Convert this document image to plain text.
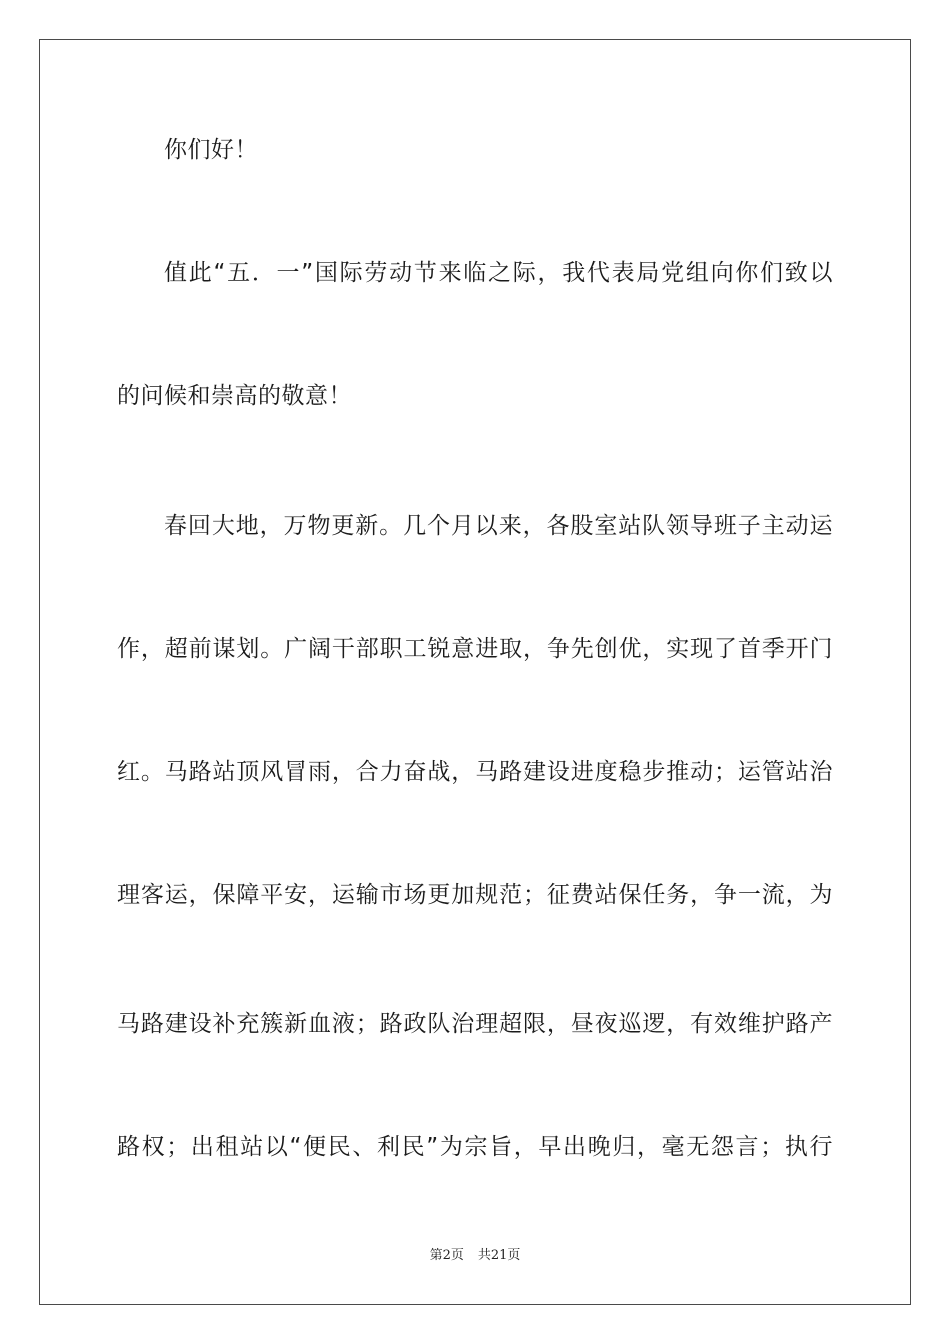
你们好！
值此“五．一”国际劳动节来临之际，我代表局党组向你们致以
的问候和崇高的敬意！
春回大地，万物更新。几个月以来，各股室站队领导班子主动运
作，超前谋划。广阔干部职工锐意进取，争先创优，实现了首季开门
红。马路站顶风冒雨，合力奋战，马路建设进度稳步推动；运管站治
理客运，保障平安，运输市场更加规范；征费站保任务，争一流，为
马路建设补充簇新血液；路政队治理超限，昼夜巡逻，有效维护路产
路权；出租站以“便民、利民”为宗旨，早出晚归，毫无怨言；执行
第2页 共21页
